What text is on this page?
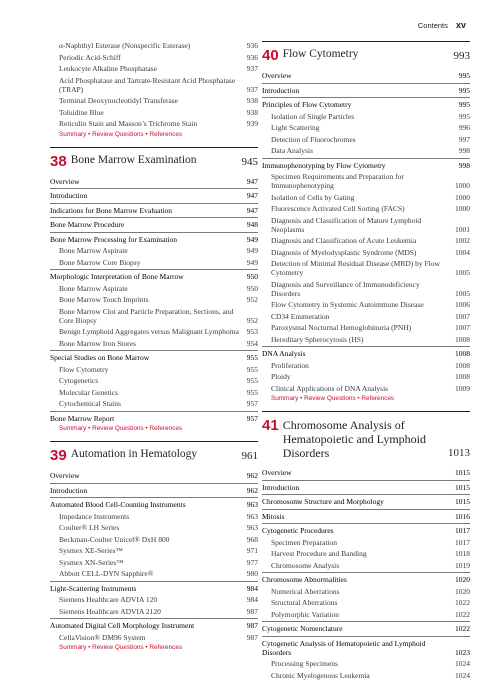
Contents xv
α-Naphthyl Esterase (Nonspecific Esterase)	936
Periodic Acid-Schiff	936
Leukocyte Alkaline Phosphatase	937
Acid Phosphatase and Tartrate-Resistant Acid Phosphatase (TRAP)	937
Terminal Deoxynucleotidyl Transferase	938
Toluidine Blue	938
Reticulin Stain and Masson’s Trichrome Stain	939
Summary • Review Questions • References
38 Bone Marrow Examination	945
Overview	947
Introduction	947
Indications for Bone Marrow Evaluation	947
Bone Marrow Procedure	948
Bone Marrow Processing for Examination	949
Bone Marrow Aspirate	949
Bone Marrow Core Biopsy	949
Morphologic Interpretation of Bone Marrow	950
Bone Marrow Aspirate	950
Bone Marrow Touch Imprints	952
Bone Marrow Clot and Particle Preparation, Sections, and Core Biopsy	952
Benign Lymphoid Aggregates versus Malignant Lymphoma	953
Bone Marrow Iron Stores	954
Special Studies on Bone Marrow	955
Flow Cytometry	955
Cytogenetics	955
Molecular Genetics	955
Cytochemical Stains	957
Bone Marrow Report	957
Summary • Review Questions • References
39 Automation in Hematology	961
Overview	962
Introduction	962
Automated Blood Cell-Counting Instruments	963
Impedance Instruments	963
Coulter® LH Series	963
Beckman-Coulter Unicel® DxH 800	968
Sysmex XE-Series™	971
Sysmex XN-Series™	977
Abbott CELL-DYN Sapphire®	980
Light-Scattering Instruments	984
Siemens Healthcare ADVIA 120	984
Siemens Healthcare ADVIA 2120	987
Automated Digital Cell Morphology Instrument	987
CellaVision® DM96 System	987
Summary • Review Questions • References
40 Flow Cytometry	993
Overview	995
Introduction	995
Principles of Flow Cytometry	995
Isolation of Single Particles	995
Light Scattering	996
Detection of Fluorochromes	997
Data Analysis	998
Immunophenotyping by Flow Cytometry	998
Specimen Requirements and Preparation for Immunophenotyping	1000
Isolation of Cells by Gating	1000
Fluorescence Activated Cell Sorting (FACS)	1000
Diagnosis and Classification of Mature Lymphoid Neoplasms	1001
Diagnosis and Classification of Acute Leukemia	1002
Diagnosis of Myelodysplastic Syndrome (MDS)	1004
Detection of Minimal Residual Disease (MRD) by Flow Cytometry	1005
Diagnosis and Surveillance of Immunodeficiency Disorders	1005
Flow Cytometry in Systemic Autoimmune Disease	1006
CD34 Enumeration	1007
Paroxysmal Nocturnal Hemoglobinuria (PNH)	1007
Hereditary Spherocytosis (HS)	1008
DNA Analysis	1008
Proliferation	1008
Ploidy	1008
Clinical Applications of DNA Analysis	1009
Summary • Review Questions • References
41 Chromosome Analysis of Hematopoietic and Lymphoid Disorders	1013
Overview	1015
Introduction	1015
Chromosome Structure and Morphology	1015
Mitosis	1016
Cytogenetic Procedures	1017
Specimen Preparation	1017
Harvest Procedure and Banding	1018
Chromosome Analysis	1019
Chromosome Abnormalities	1020
Numerical Aberrations	1020
Structural Aberrations	1022
Polymorphic Variation	1022
Cytogenetic Nomenclature	1022
Cytogenetic Analysis of Hematopoietic and Lymphoid Disorders	1023
Processing Specimens	1024
Chronic Myelogenous Leukemia	1024
